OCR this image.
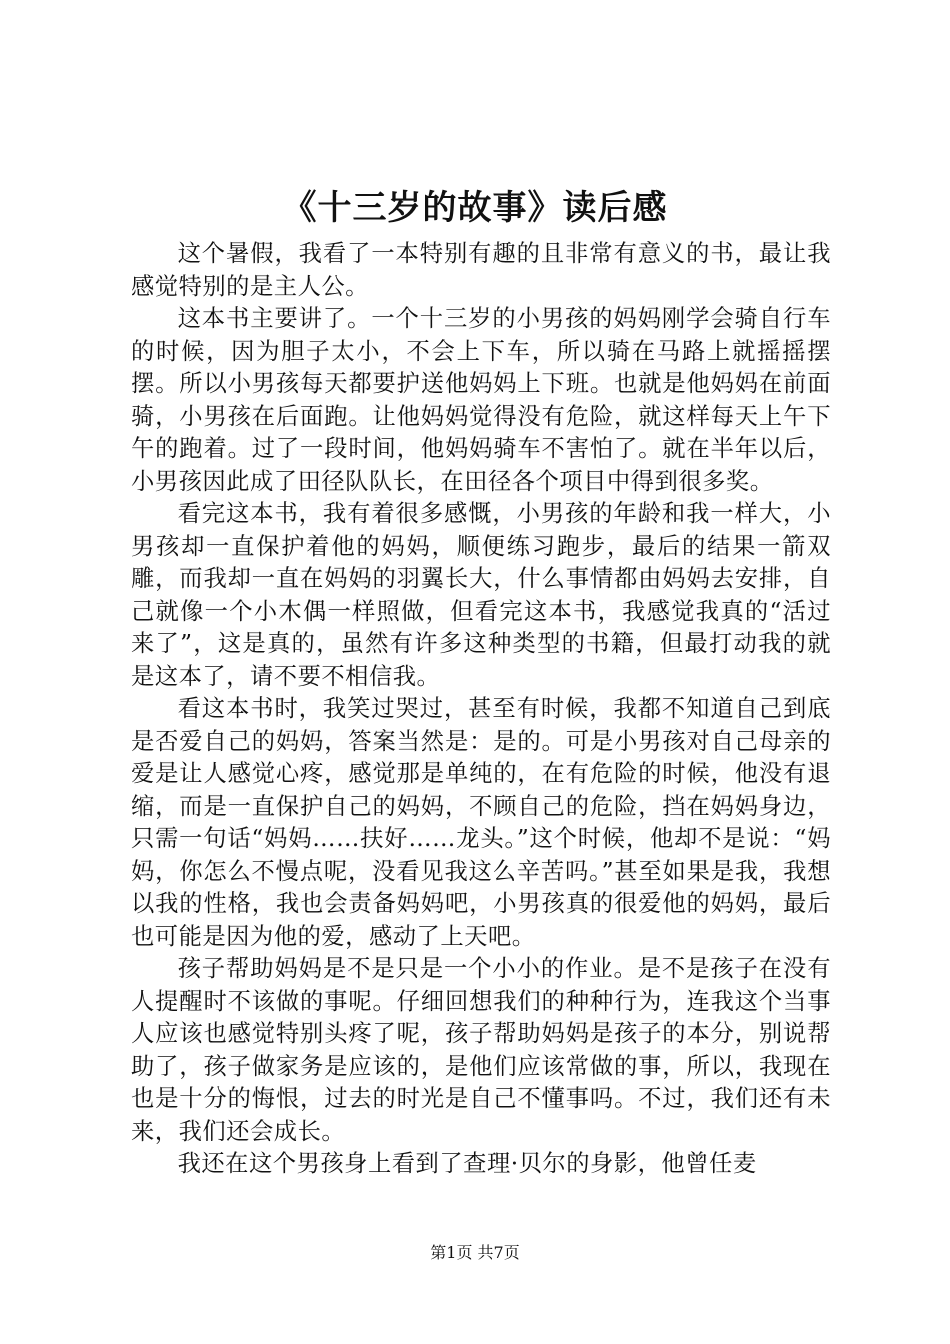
《十三岁的故事》读后感

这个暑假，我看了一本特别有趣的且非常有意义的书，最让我感觉特别的是主人公。

这本书主要讲了。一个十三岁的小男孩的妈妈刚学会骑自行车的时候，因为胆子太小，不会上下车，所以骑在马路上就摇摇摆摆。所以小男孩每天都要护送他妈妈上下班。也就是他妈妈在前面骑，小男孩在后面跑。让他妈妈觉得没有危险，就这样每天上午下午的跑着。过了一段时间，他妈妈骑车不害怕了。就在半年以后，小男孩因此成了田径队队长，在田径各个项目中得到很多奖。

看完这本书，我有着很多感慨，小男孩的年龄和我一样大，小男孩却一直保护着他的妈妈，顺便练习跑步，最后的结果一箭双雕，而我却一直在妈妈的羽翼长大，什么事情都由妈妈去安排，自己就像一个小木偶一样照做，但看完这本书，我感觉我真的“活过来了”，这是真的，虽然有许多这种类型的书籍，但最打动我的就是这本了，请不要不相信我。

看这本书时，我笑过哭过，甚至有时候，我都不知道自己到底是否爱自己的妈妈，答案当然是：是的。可是小男孩对自己母亲的爱是让人感觉心疼，感觉那是单纯的，在有危险的时候，他没有退缩，而是一直保护自己的妈妈，不顾自己的危险，挡在妈妈身边，只需一句话“妈妈……扶好……龙头。”这个时候，他却不是说：“妈妈，你怎么不慢点呢，没看见我这么辛苦吗。”甚至如果是我，我想以我的性格，我也会责备妈妈吧，小男孩真的很爱他的妈妈，最后也可能是因为他的爱，感动了上天吧。

孩子帮助妈妈是不是只是一个小小的作业。是不是孩子在没有人提醒时不该做的事呢。仔细回想我们的种种行为，连我这个当事人应该也感觉特别头疼了呢，孩子帮助妈妈是孩子的本分，别说帮助了，孩子做家务是应该的，是他们应该常做的事，所以，我现在也是十分的悔恨，过去的时光是自己不懂事吗。不过，我们还有未来，我们还会成长。

我还在这个男孩身上看到了查理·贝尔的身影，他曾任麦

第1页 共7页
